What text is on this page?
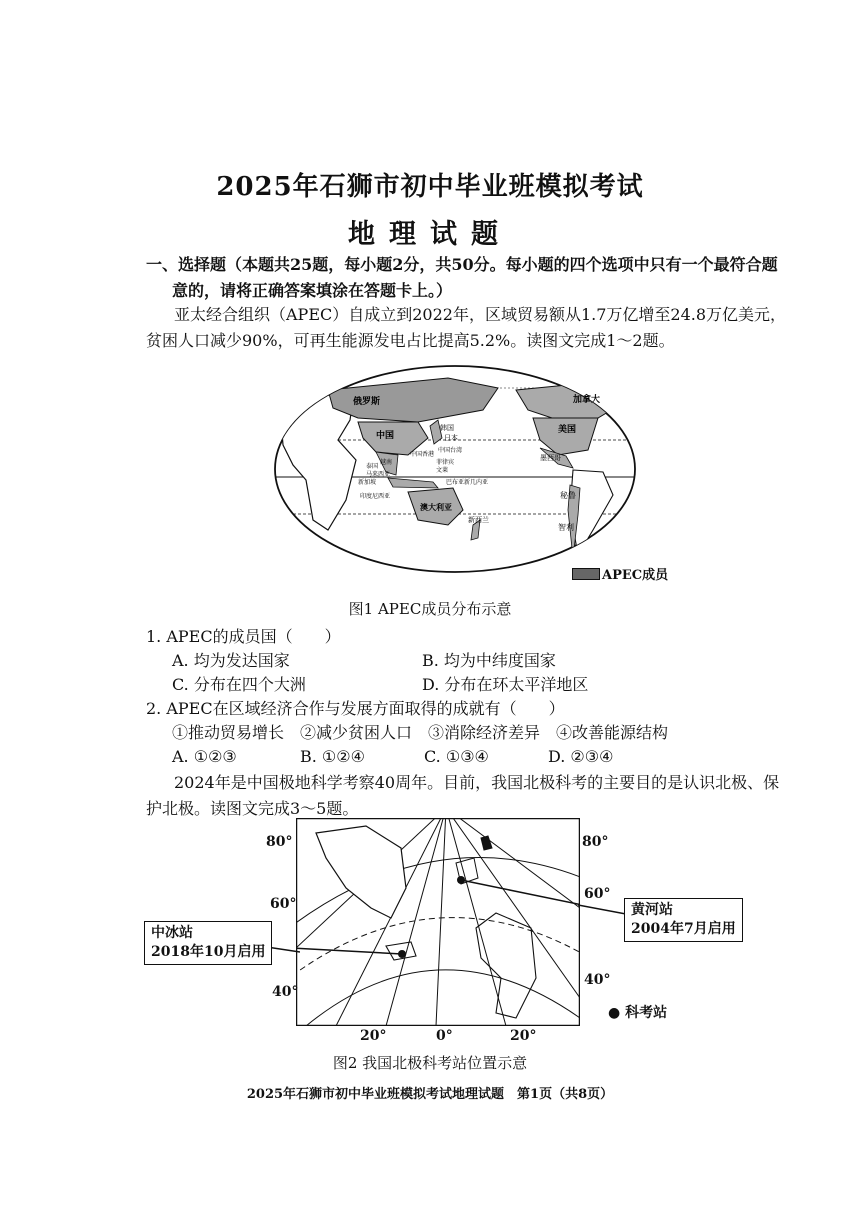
2025年石狮市初中毕业班模拟考试
地理试题
一、选择题（本题共25题，每小题2分，共50分。每小题的四个选项中只有一个最符合题
意的，请将正确答案填涂在答题卡上。）
亚太经合组织（APEC）自成立到2022年，区域贸易额从1.7万亿增至24.8万亿美元，
贫困人口减少90%，可再生能源发电占比提高5.2%。读图文完成1～2题。
俄罗斯	加拿大
美国
中国
韩国
日本
中国香港
中国台湾
越南
泰国
菲律宾
文莱
马来西亚
巴布亚新几内亚
新加坡
印度尼西亚
澳大利亚
新西兰
墨西哥
秘鲁
智利
APEC成员
图1 APEC成员分布示意
1. APEC的成员国（　　）
A. 均为发达国家	B. 均为中纬度国家
C. 分布在四个大洲	D. 分布在环太平洋地区
2. APEC在区域经济合作与发展方面取得的成就有（　　）
①推动贸易增长　②减少贫困人口　③消除经济差异　④改善能源结构
A. ①②③	B. ①②④	C. ①③④	D. ②③④
2024年是中国极地科学考察40周年。目前，我国北极科考的主要目的是认识北极、保
护北极。读图文完成3～5题。
80°
60°
40°
80°
60°
40°
20°	0°	20°
中冰站
2018年10月启用
黄河站
2004年7月启用
● 科考站
图2 我国北极科考站位置示意
2025年石狮市初中毕业班模拟考试地理试题　第1页（共8页）
